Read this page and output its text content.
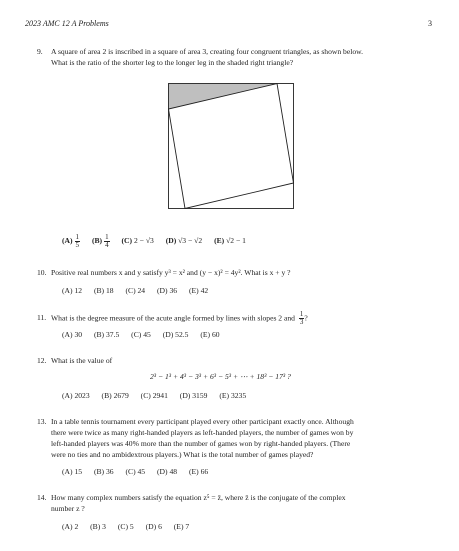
2023 AMC 12 A Problems	3
9. A square of area 2 is inscribed in a square of area 3, creating four congruent triangles, as shown below.
What is the ratio of the shorter leg to the longer leg in the shaded right triangle?
$(A) \frac{1}{5} (B) \frac{1}{4} (C) 2 - √3$ (D) √3 − √2 (E) √2 − 1
10. Positive real numbers x and y satisfy y³ = x² and (y − x)² = 4y². What is x + y ?
(A) 12 (B) 18 (C) 24 (D) 36 (E) 42
11. What is the degree measure of the acute angle formed by lines with slopes 2 and $\frac{1}{3}$ ?
(A) 30 (B) 37.5 (C) 45 (D) 52.5 (E) 60
12. What is the value of
2³ − 1³ + 4³ − 3³ + 6³ − 5³ + ⋯ + 18³ − 17³ ?
(A) 2023 (B) 2679 (C) 2941 (D) 3159 (E) 3235
13. In a table tennis tournament every participant played every other participant exactly once. Although
there were twice as many right-handed players as left-handed players, the number of games won by
left-handed players was 40% more than the number of games won by right-handed players. (There
were no ties and no ambidextrous players.) What is the total number of games played?
(A) 15 (B) 36 (C) 45 (D) 48 (E) 66
14. How many complex numbers satisfy the equation z⁵ = z̄, where z̄ is the conjugate of the complex
number z ?
(A) 2 (B) 3 (C) 5 (D) 6 (E) 7
